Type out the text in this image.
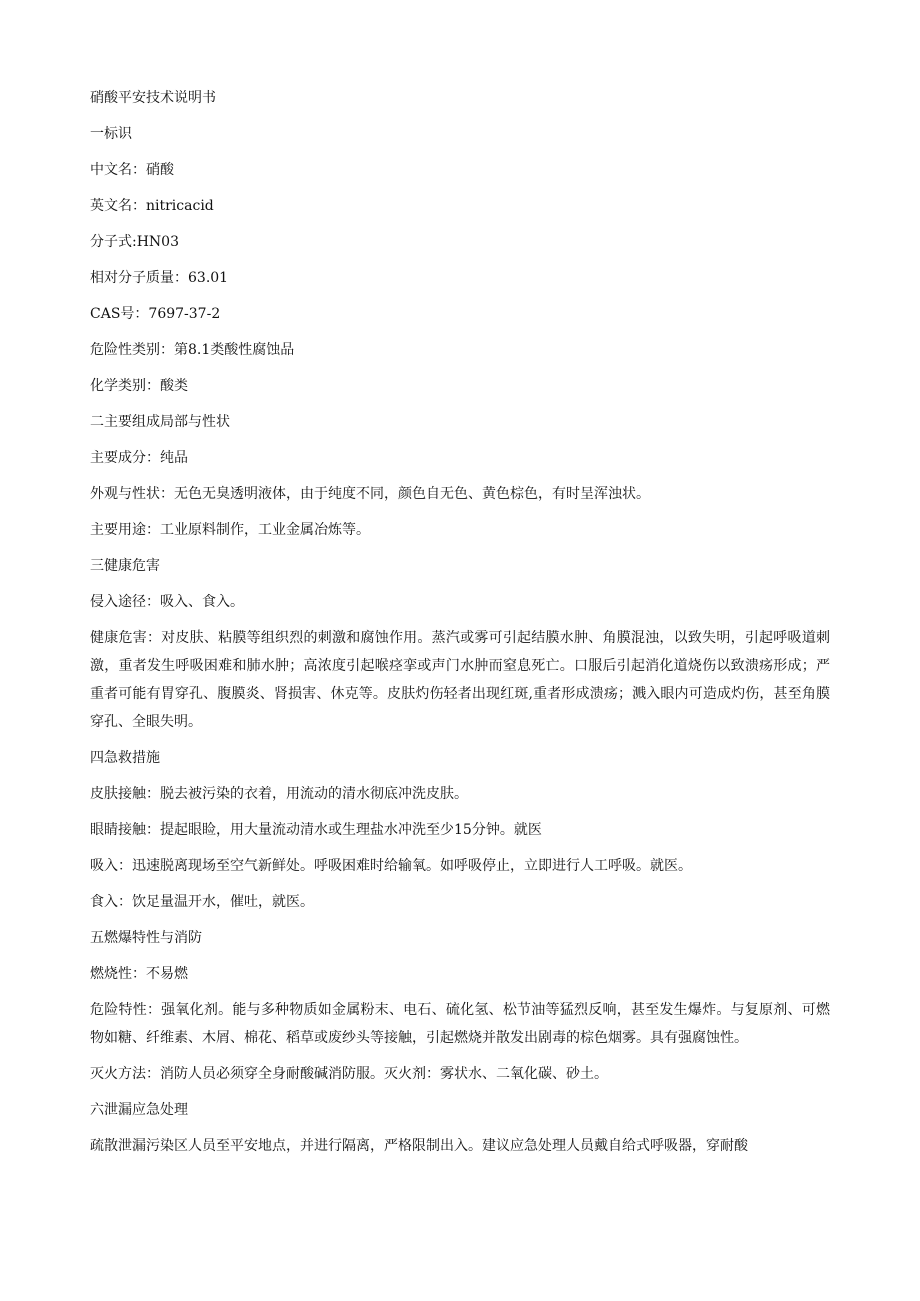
硝酸平安技术说明书
一标识
中文名：硝酸
英文名：nitricacid
分子式:HN03
相对分子质量：63.01
CAS号：7697-37-2
危险性类别：第8.1类酸性腐蚀品
化学类别：酸类
二主要组成局部与性状
主要成分：纯品
外观与性状：无色无臭透明液体，由于纯度不同，颜色自无色、黄色棕色，有时呈浑浊状。
主要用途：工业原料制作，工业金属冶炼等。
三健康危害
侵入途径：吸入、食入。
健康危害：对皮肤、粘膜等组织烈的刺激和腐蚀作用。蒸汽或雾可引起结膜水肿、角膜混浊，以致失明，引起呼吸道刺激，重者发生呼吸困难和肺水肿；高浓度引起喉痉挛或声门水肿而窒息死亡。口服后引起消化道烧伤以致溃疡形成；严重者可能有胃穿孔、腹膜炎、肾损害、休克等。皮肤灼伤轻者出现红斑,重者形成溃疡；溅入眼内可造成灼伤，甚至角膜穿孔、全眼失明。
四急救措施
皮肤接触：脱去被污染的衣着，用流动的清水彻底冲洗皮肤。
眼睛接触：提起眼睑，用大量流动清水或生理盐水冲洗至少15分钟。就医
吸入：迅速脱离现场至空气新鲜处。呼吸困难时给输氧。如呼吸停止，立即进行人工呼吸。就医。
食入：饮足量温开水，催吐，就医。
五燃爆特性与消防
燃烧性：不易燃
危险特性：强氧化剂。能与多种物质如金属粉末、电石、硫化氢、松节油等猛烈反响，甚至发生爆炸。与复原剂、可燃物如糖、纤维素、木屑、棉花、稻草或废纱头等接触，引起燃烧并散发出剧毒的棕色烟雾。具有强腐蚀性。
灭火方法：消防人员必须穿全身耐酸碱消防服。灭火剂：雾状水、二氧化碳、砂土。
六泄漏应急处理
疏散泄漏污染区人员至平安地点，并进行隔离，严格限制出入。建议应急处理人员戴自给式呼吸器，穿耐酸
